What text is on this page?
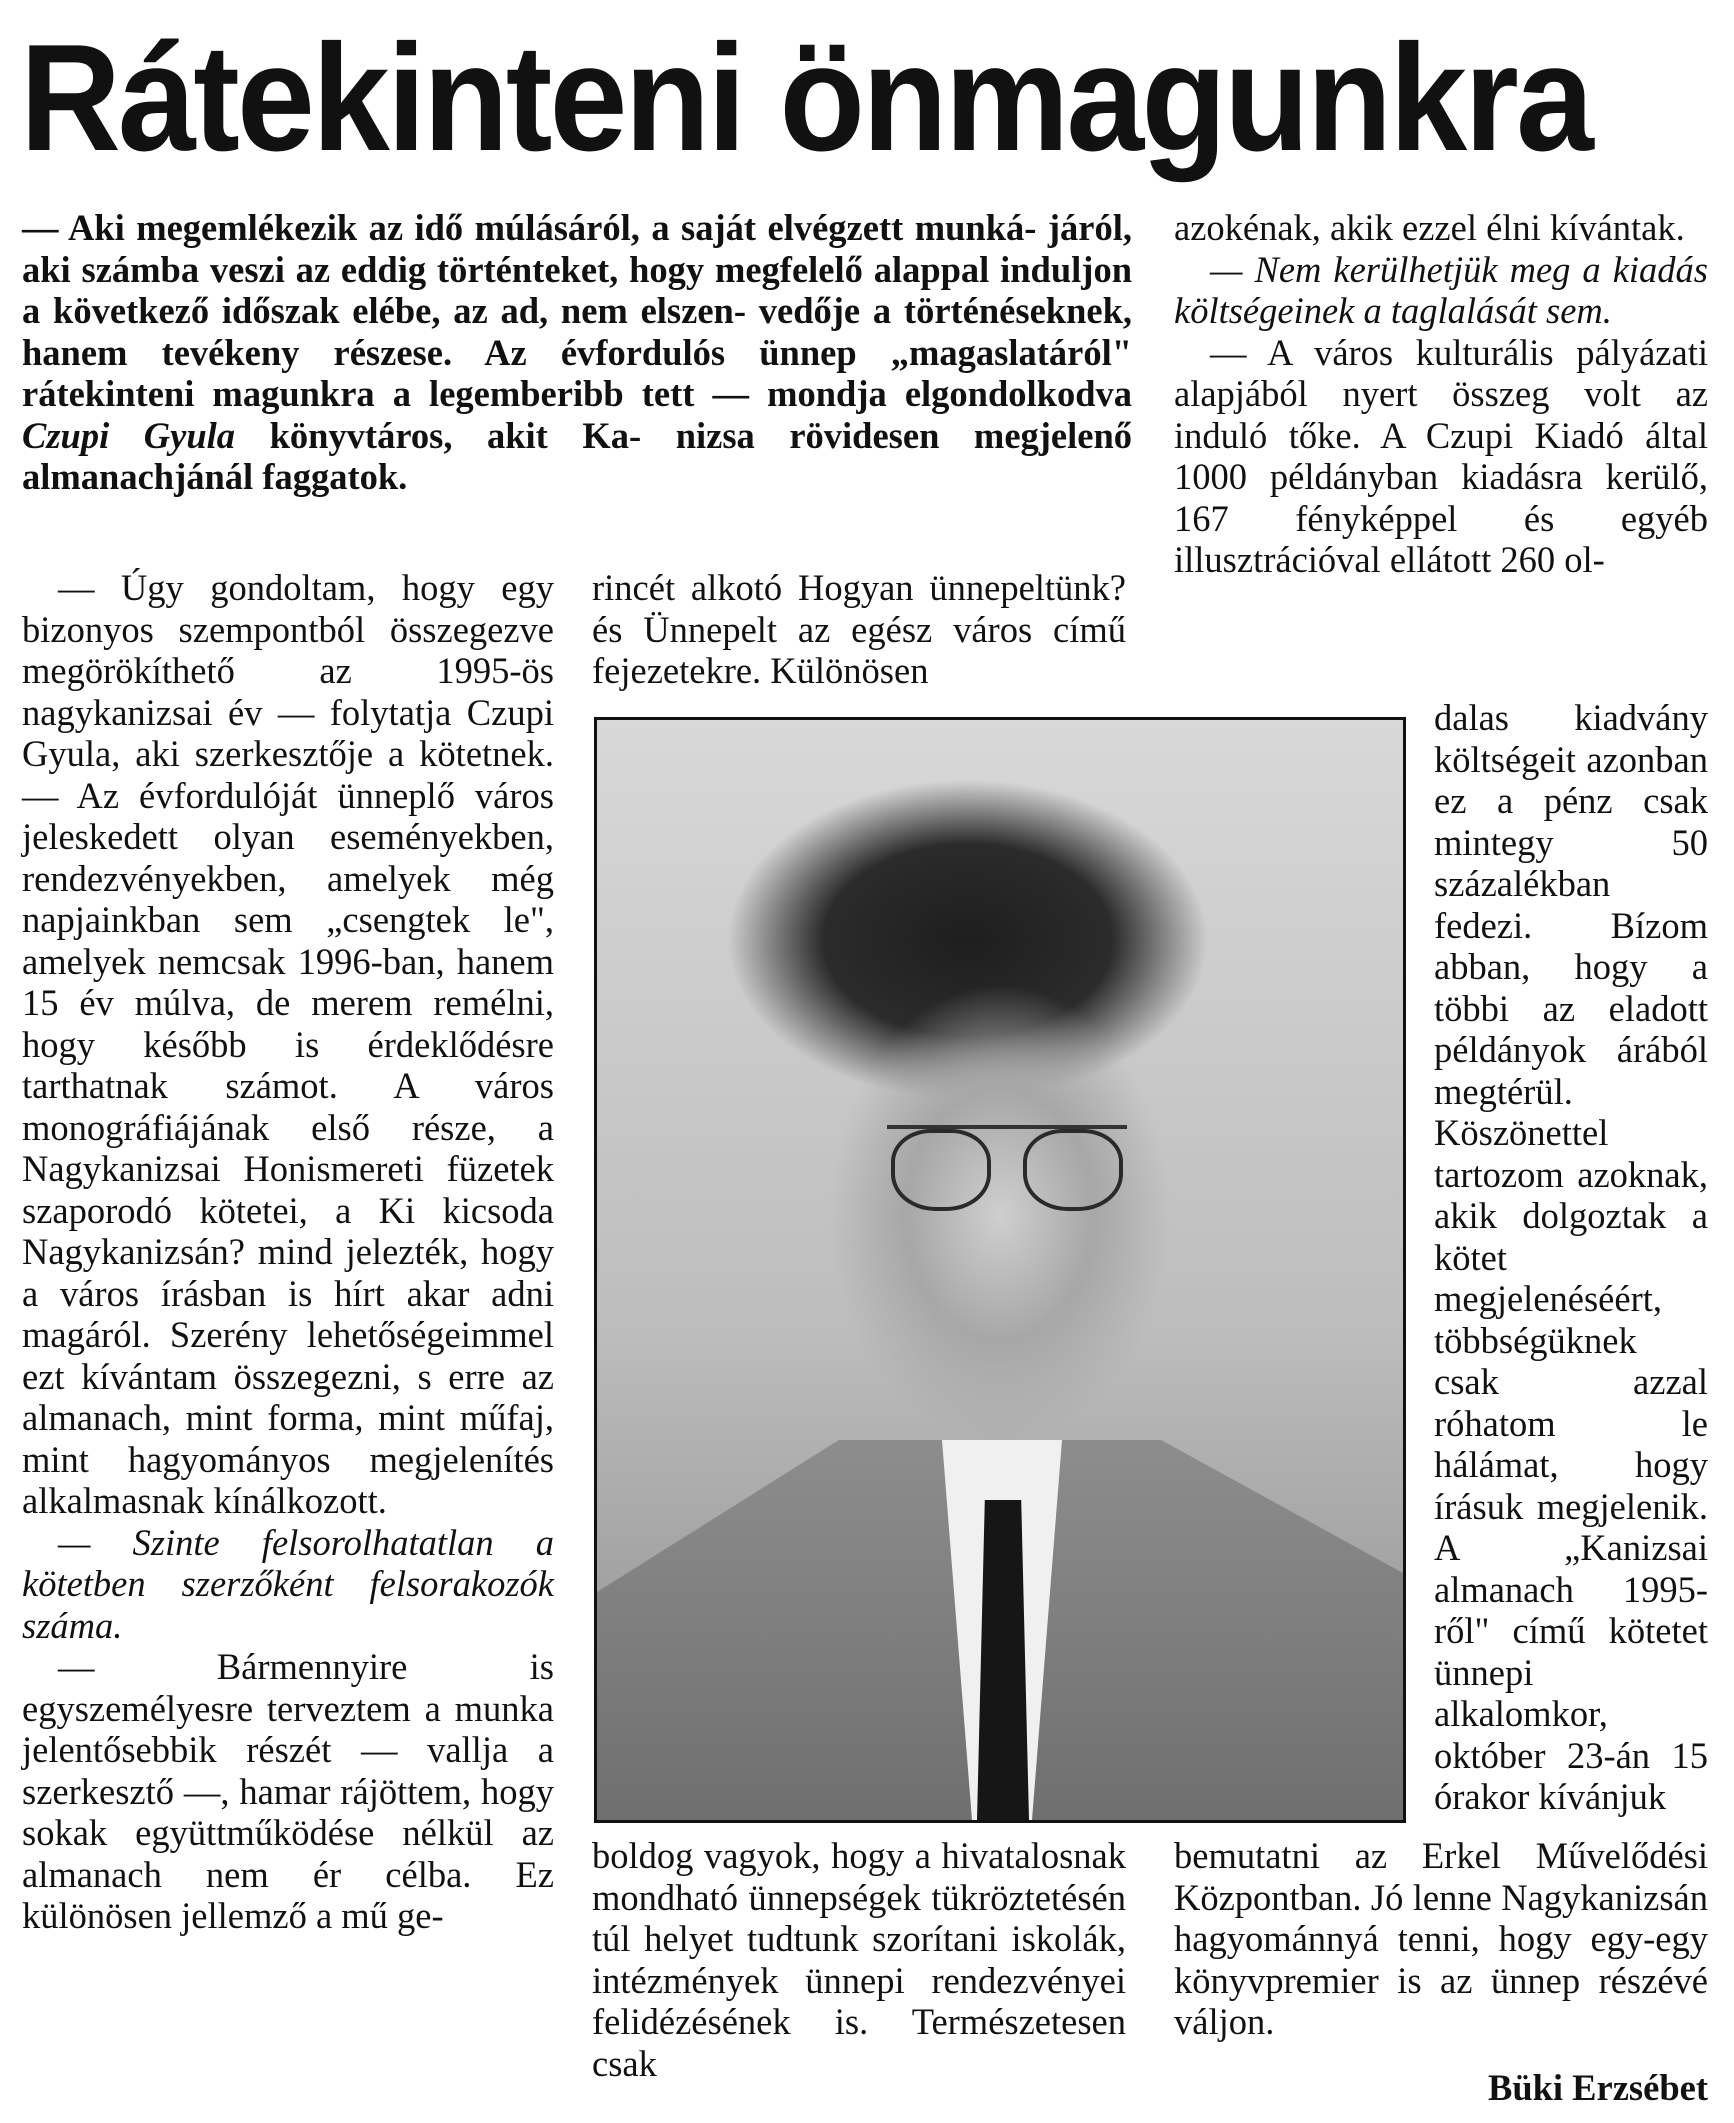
Rátekinteni önmagunkra

— Aki megemlékezik az idő múlásáról, a saját elvégzett munká- járól, aki számba veszi az eddig történteket, hogy megfelelő alappal induljon a következő időszak elébe, az ad, nem elszen- vedője a történéseknek, hanem tevékeny részese. Az évfordulós ünnep „magaslatáról" rátekinteni magunkra a legemberibb tett — mondja elgondolkodva Czupi Gyula könyvtáros, akit Ka- nizsa rövidesen megjelenő almanachjánál faggatok.

— Úgy gondoltam, hogy egy bizonyos szempontból összegezve megörökíthető az 1995-ös nagykanizsai év — folytatja Czupi Gyula, aki szerkesztője a kötetnek. — Az évfordulóját ünneplő város jeleskedett olyan eseményekben, rendezvényekben, amelyek még napjainkban sem „csengtek le", amelyek nemcsak 1996-ban, hanem 15 év múlva, de merem remélni, hogy később is érdeklődésre tarthatnak számot. A város monográfiájának első része, a Nagykanizsai Honismereti füzetek szaporodó kötetei, a Ki kicsoda Nagykanizsán? mind jelezték, hogy a város írásban is hírt akar adni magáról. Szerény lehetőségeimmel ezt kívántam összegezni, s erre az almanach, mint forma, mint műfaj, mint hagyományos megjelenítés alkalmasnak kínálkozott.

— Szinte felsorolhatatlan a kötetben szerzőként felsorakozók száma.

— Bármennyire is egyszemélyesre terveztem a munka jelentősebbik részét — vallja a szerkesztő —, hamar rájöttem, hogy sokak együttműködése nélkül az almanach nem ér célba. Ez különösen jellemző a mű ge-

rincét alkotó Hogyan ünnepeltünk? és Ünnepelt az egész város című fejezetekre. Különösen

boldog vagyok, hogy a hivatalosnak mondható ünnepségek tükröztetésén túl helyet tudtunk szorítani iskolák, intézmények ünnepi rendezvényei felidézésének is. Természetesen csak

azokénak, akik ezzel élni kívántak.

— Nem kerülhetjük meg a kiadás költségeinek a taglalását sem.

— A város kulturális pályázati alapjából nyert összeg volt az induló tőke. A Czupi Kiadó által 1000 példányban kiadásra kerülő, 167 fényképpel és egyéb illusztrációval ellátott 260 ol-

dalas kiadvány költségeit azonban ez a pénz csak mintegy 50 százalékban fedezi. Bízom abban, hogy a többi az eladott példányok árából megtérül. Köszönettel tartozom azoknak, akik dolgoztak a kötet megjelenéséért, többségüknek csak azzal róhatom le hálámat, hogy írásuk megjelenik. A „Kanizsai almanach 1995-ről" című kötetet ünnepi alkalomkor, október 23-án 15 órakor kívánjuk

bemutatni az Erkel Művelődési Központban. Jó lenne Nagykanizsán hagyománnyá tenni, hogy egy-egy könyvpremier is az ünnep részévé váljon.

Büki Erzsébet
